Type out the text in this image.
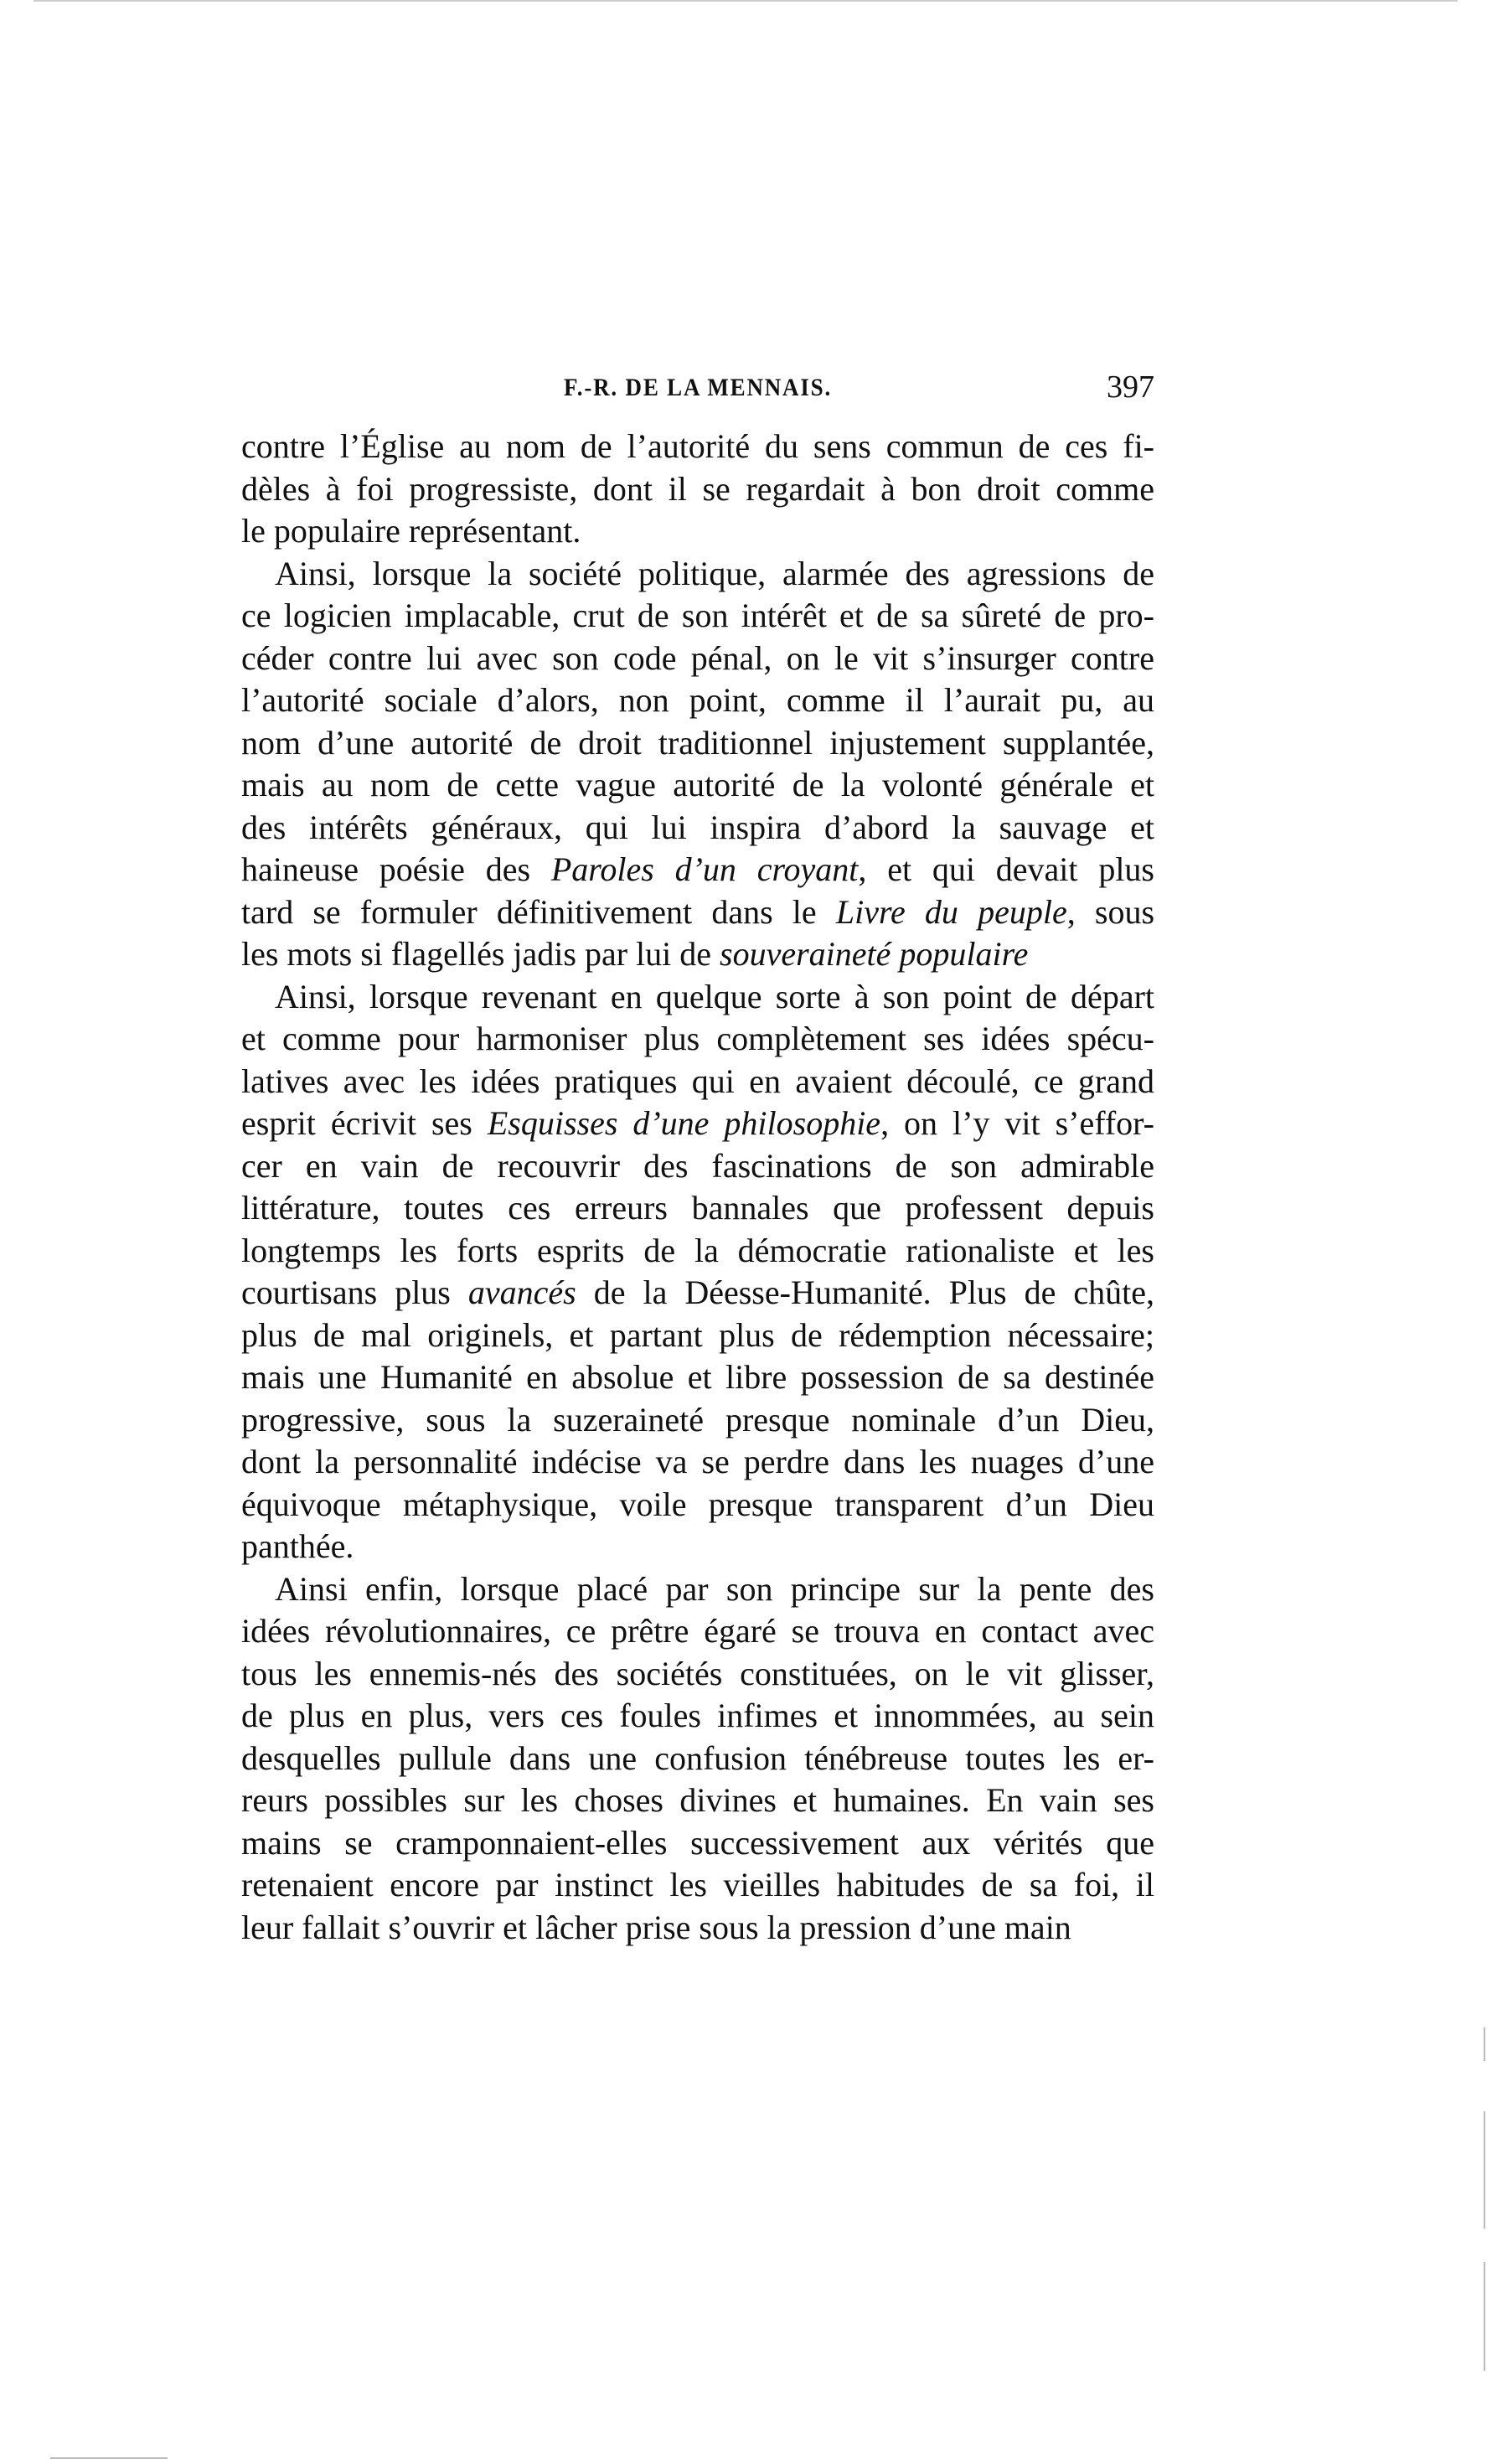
F.-R. DE LA MENNAIS.	397
contre l’Église au nom de l’autorité du sens commun de ces fi-
dèles à foi progressiste, dont il se regardait à bon droit comme
le populaire représentant.
Ainsi, lorsque la société politique, alarmée des agressions de
ce logicien implacable, crut de son intérêt et de sa sûreté de pro-
céder contre lui avec son code pénal, on le vit s’insurger contre
l’autorité sociale d’alors, non point, comme il l’aurait pu, au
nom d’une autorité de droit traditionnel injustement supplantée,
mais au nom de cette vague autorité de la volonté générale et
des intérêts généraux, qui lui inspira d’abord la sauvage et
haineuse poésie des Paroles d’un croyant, et qui devait plus
tard se formuler définitivement dans le Livre du peuple, sous
les mots si flagellés jadis par lui de souveraineté populaire
Ainsi, lorsque revenant en quelque sorte à son point de départ
et comme pour harmoniser plus complètement ses idées spécu-
latives avec les idées pratiques qui en avaient découlé, ce grand
esprit écrivit ses Esquisses d’une philosophie, on l’y vit s’effor-
cer en vain de recouvrir des fascinations de son admirable
littérature, toutes ces erreurs bannales que professent depuis
longtemps les forts esprits de la démocratie rationaliste et les
courtisans plus avancés de la Déesse-Humanité. Plus de chûte,
plus de mal originels, et partant plus de rédemption nécessaire;
mais une Humanité en absolue et libre possession de sa destinée
progressive, sous la suzeraineté presque nominale d’un Dieu,
dont la personnalité indécise va se perdre dans les nuages d’une
équivoque métaphysique, voile presque transparent d’un Dieu
panthée.
Ainsi enfin, lorsque placé par son principe sur la pente des
idées révolutionnaires, ce prêtre égaré se trouva en contact avec
tous les ennemis-nés des sociétés constituées, on le vit glisser,
de plus en plus, vers ces foules infimes et innommées, au sein
desquelles pullule dans une confusion ténébreuse toutes les er-
reurs possibles sur les choses divines et humaines. En vain ses
mains se cramponnaient-elles successivement aux vérités que
retenaient encore par instinct les vieilles habitudes de sa foi, il
leur fallait s’ouvrir et lâcher prise sous la pression d’une main
